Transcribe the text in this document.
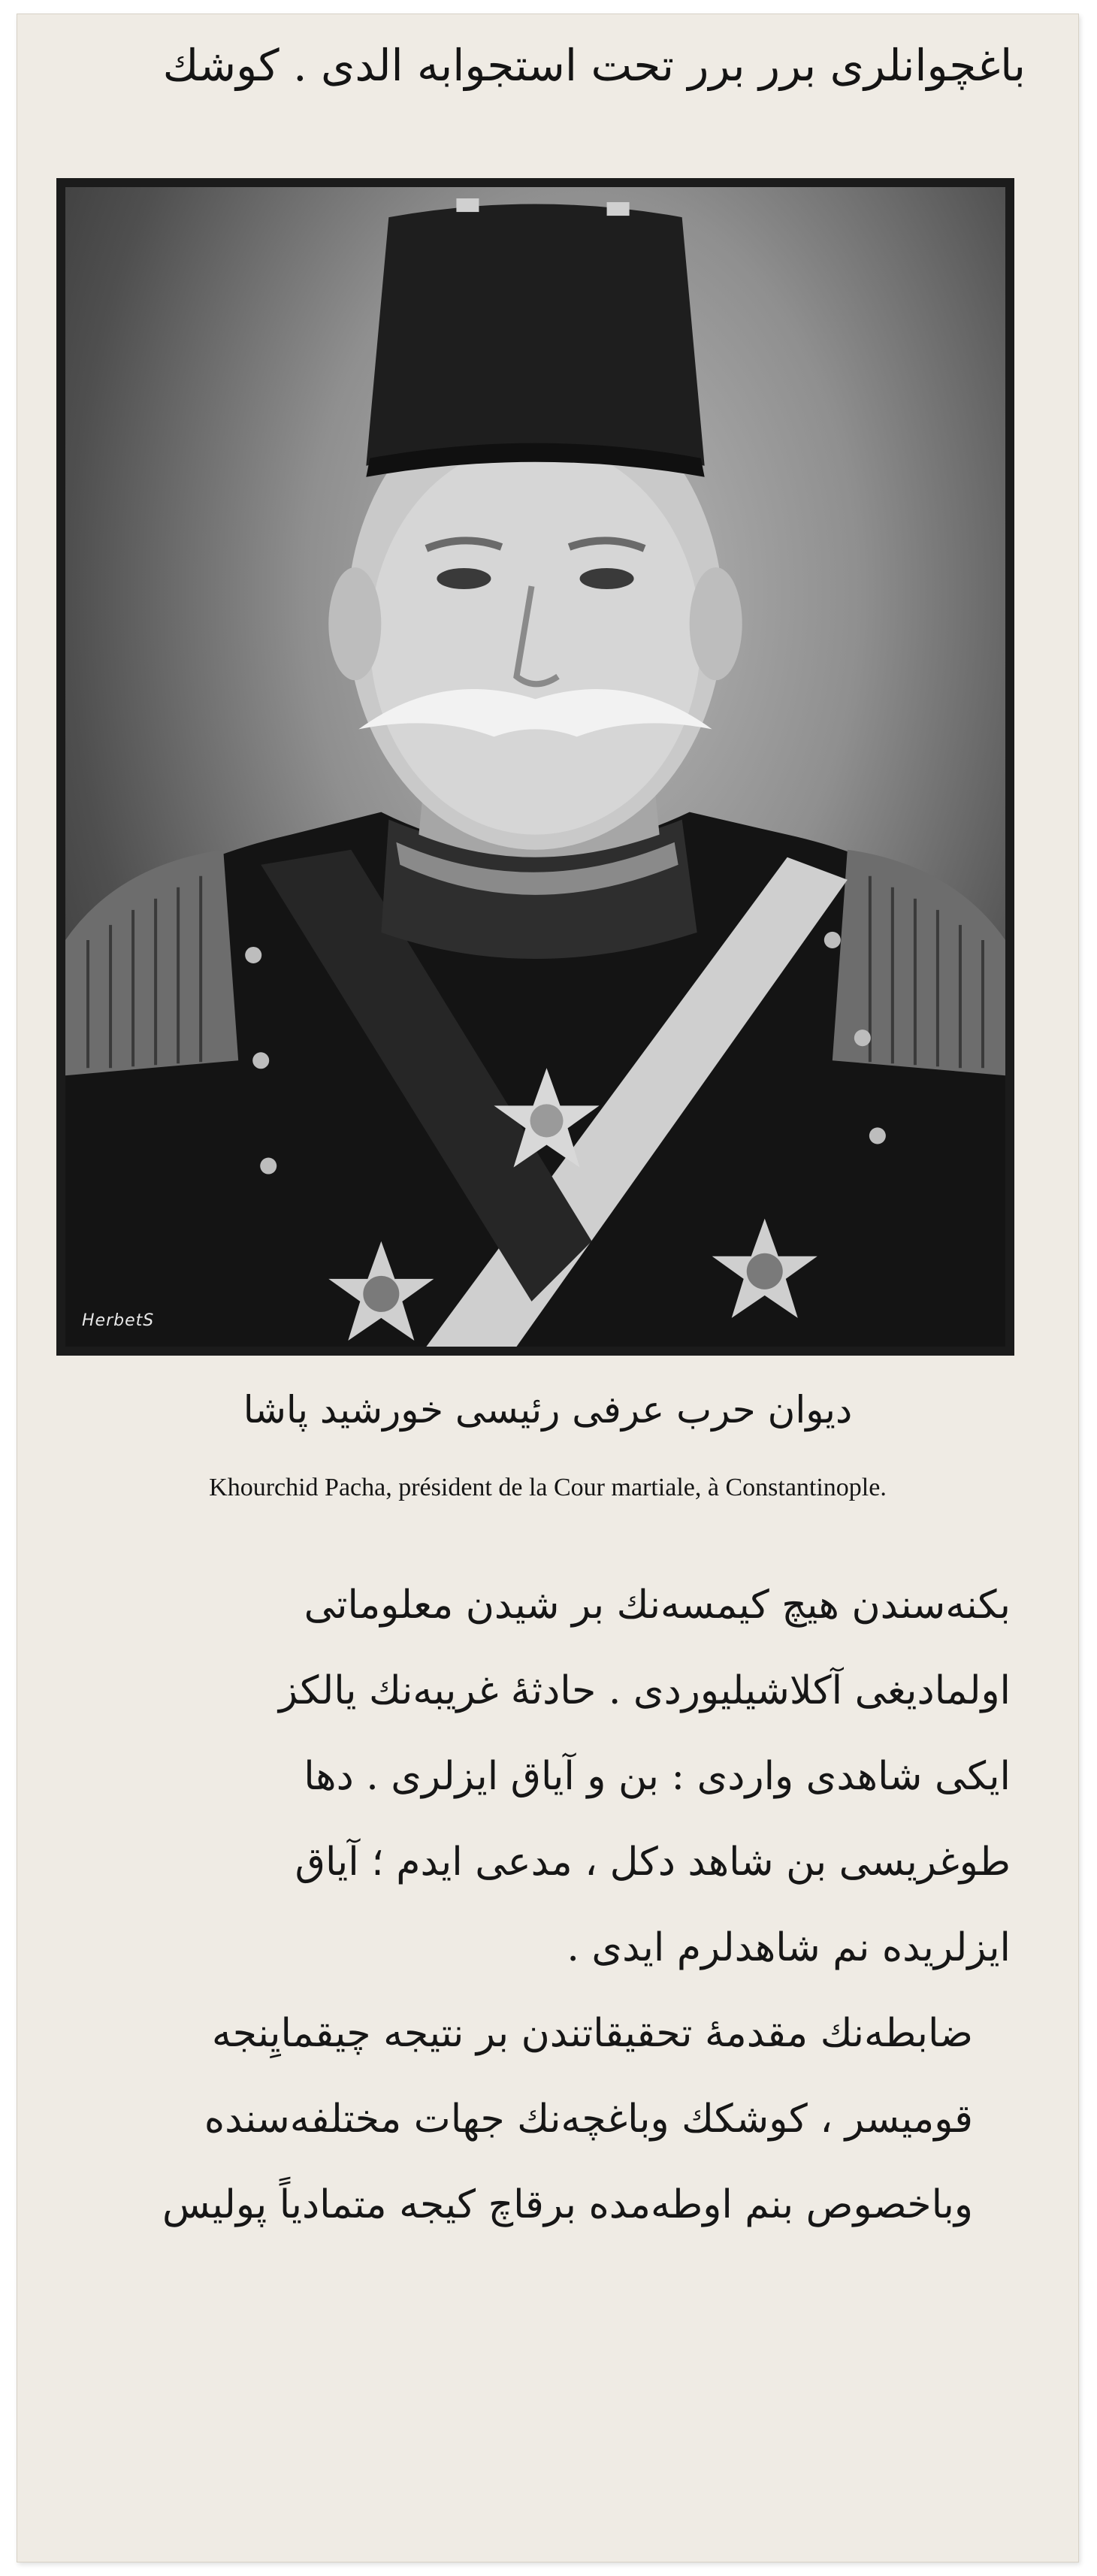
باغچوانلری برر برر تحت استجوابه الدی . کوشك
HerbetS
دیوان حرب عرفی رئیسی خورشید پاشا
Khourchid Pacha, président de la Cour martiale, à Constantinople.

بکنەسندن هیچ کیمسەنك بر شیدن معلوماتی
اولمادیغی آکلاشیلیوردی . حادثهٔ غریبەنك یالکز
ایکی شاهدی واردی : بن و آیاق ایزلری . دها
طوغریسی بن شاهد دکل ، مدعی ایدم ؛ آیاق
ایزلریده نم شاهدلرم ایدی .

ضابطەنك مقدمهٔ تحقیقاتندن بر نتیجه چیقمایِنجه
قومیسر ، کوشکك وباغچەنك جهات مختلفەسندە
وباخصوص بنم اوطەمدە برقاچ کیجه متمادیاً پولیس
